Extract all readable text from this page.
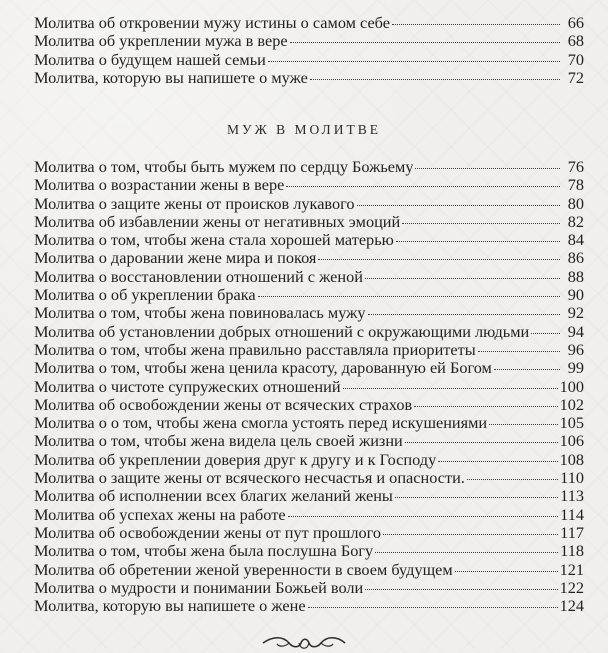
Молитва об откровении мужу истины о самом себе	66
Молитва об укреплении мужа в вере	68
Молитва о будущем нашей семьи	70
Молитва, которую вы напишете о муже	72
МУЖ В МОЛИТВЕ
Молитва о том, чтобы быть мужем по сердцу Божьему	76
Молитва о возрастании жены в вере	78
Молитва о защите жены от происков лукавого	80
Молитва об избавлении жены от негативных эмоций	82
Молитва о том, чтобы жена стала хорошей матерью	84
Молитва о даровании жене мира и покоя	86
Молитва о восстановлении отношений с женой	88
Молитва о об укреплении брака	90
Молитва о том, чтобы жена повиновалась мужу	92
Молитва об установлении добрых отношений с окружающими людьми	94
Молитва о том, чтобы жена правильно расставляла приоритеты	96
Молитва о том, чтобы жена ценила красоту, дарованную ей Богом	99
Молитва о чистоте супружеских отношений	100
Молитва об освобождении жены от всяческих страхов	102
Молитва о о том, чтобы жена смогла устоять перед искушениями	105
Молитва о том, чтобы жена видела цель своей жизни	106
Молитва об укреплении доверия друг к другу и к Господу	108
Молитва о защите жены от всяческого несчастья и опасности.	110
Молитва об исполнении всех благих желаний жены	113
Молитва об успехах жены на работе	114
Молитва об освобождении жены от пут прошлого	117
Молитва о том, чтобы жена была послушна Богу	118
Молитва об обретении женой уверенности в своем будущем	121
Молитва о мудрости и понимании Божьей воли	122
Молитва, которую вы напишете о жене	124
